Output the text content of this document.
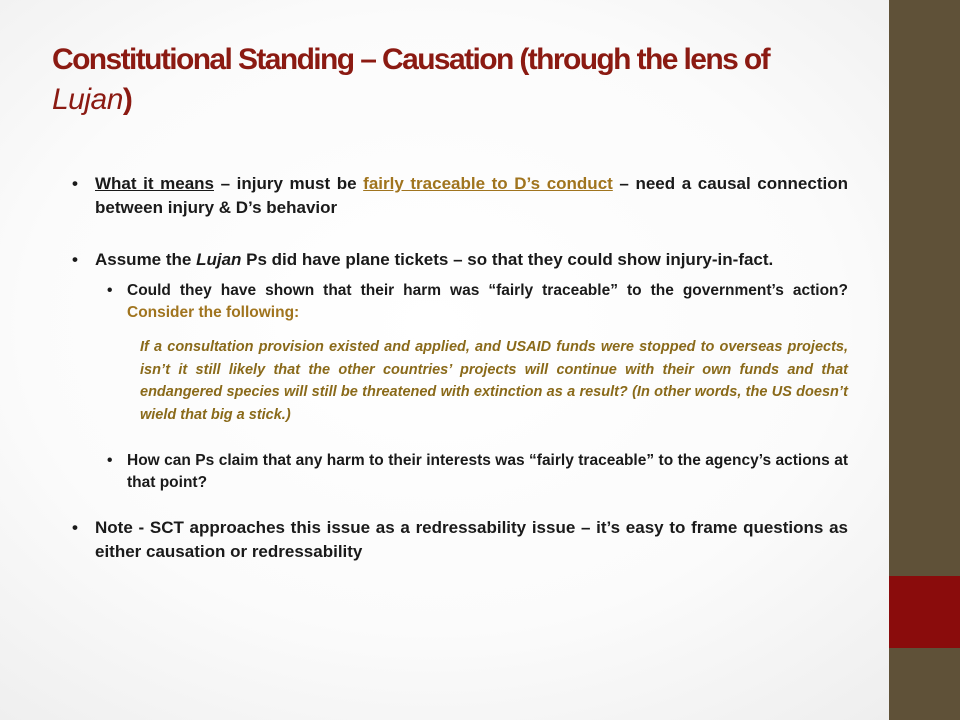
Constitutional Standing – Causation (through the lens of Lujan)
• What it means – injury must be fairly traceable to D’s conduct – need a causal connection between injury & D’s behavior
• Assume the Lujan Ps did have plane tickets – so that they could show injury-in-fact.
• Could they have shown that their harm was “fairly traceable” to the government’s action? Consider the following:
If a consultation provision existed and applied, and USAID funds were stopped to overseas projects, isn’t it still likely that the other countries’ projects will continue with their own funds and that endangered species will still be threatened with extinction as a result? (In other words, the US doesn’t wield that big a stick.)
• How can Ps claim that any harm to their interests was “fairly traceable” to the agency’s actions at that point?
• Note - SCT approaches this issue as a redressability issue – it’s easy to frame questions as either causation or redressability
